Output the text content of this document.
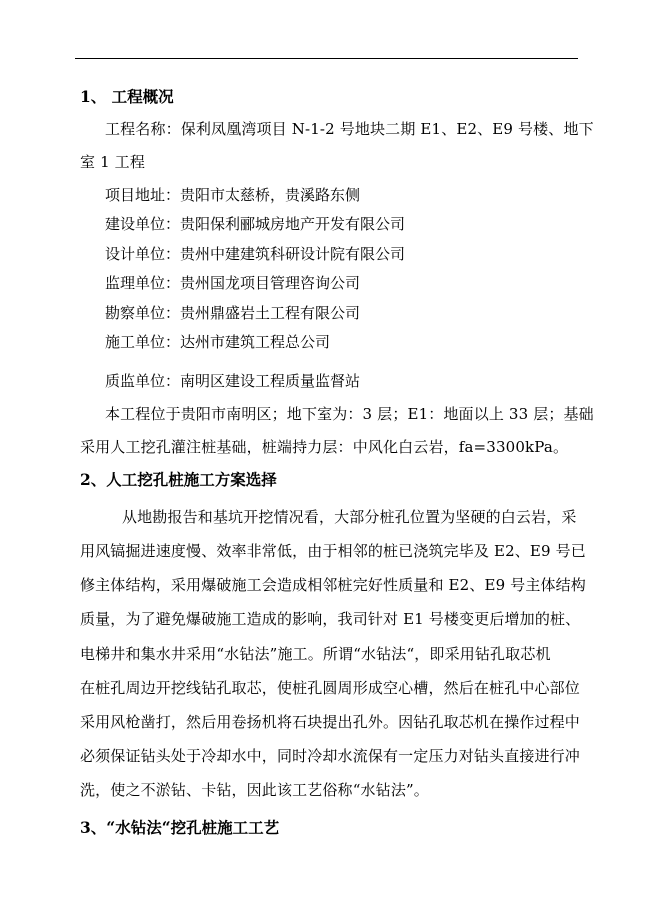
1、 工程概况
工程名称：保利凤凰湾项目 N-1-2 号地块二期 E1、E2、E9 号楼、地下
室 1 工程
项目地址：贵阳市太慈桥，贵溪路东侧
建设单位：贵阳保利郦城房地产开发有限公司
设计单位：贵州中建建筑科研设计院有限公司
监理单位：贵州国龙项目管理咨询公司
勘察单位：贵州鼎盛岩土工程有限公司
施工单位：达州市建筑工程总公司
质监单位：南明区建设工程质量监督站
本工程位于贵阳市南明区；地下室为：3 层；E1：地面以上 33 层；基础
采用人工挖孔灌注桩基础，桩端持力层：中风化白云岩，fa=3300kPa。
2、人工挖孔桩施工方案选择
从地勘报告和基坑开挖情况看，大部分桩孔位置为坚硬的白云岩，采
用风镐掘进速度慢、效率非常低，由于相邻的桩已浇筑完毕及 E2、E9 号已
修主体结构，采用爆破施工会造成相邻桩完好性质量和 E2、E9 号主体结构
质量，为了避免爆破施工造成的影响，我司针对 E1 号楼变更后增加的桩、
电梯井和集水井采用“水钻法”施工。所谓“水钻法“，即采用钻孔取芯机
在桩孔周边开挖线钻孔取芯，使桩孔圆周形成空心槽，然后在桩孔中心部位
采用风枪凿打，然后用卷扬机将石块提出孔外。因钻孔取芯机在操作过程中
必须保证钻头处于冷却水中，同时冷却水流保有一定压力对钻头直接进行冲
洗，使之不淤钻、卡钻，因此该工艺俗称“水钻法”。
3、“水钻法“挖孔桩施工工艺
